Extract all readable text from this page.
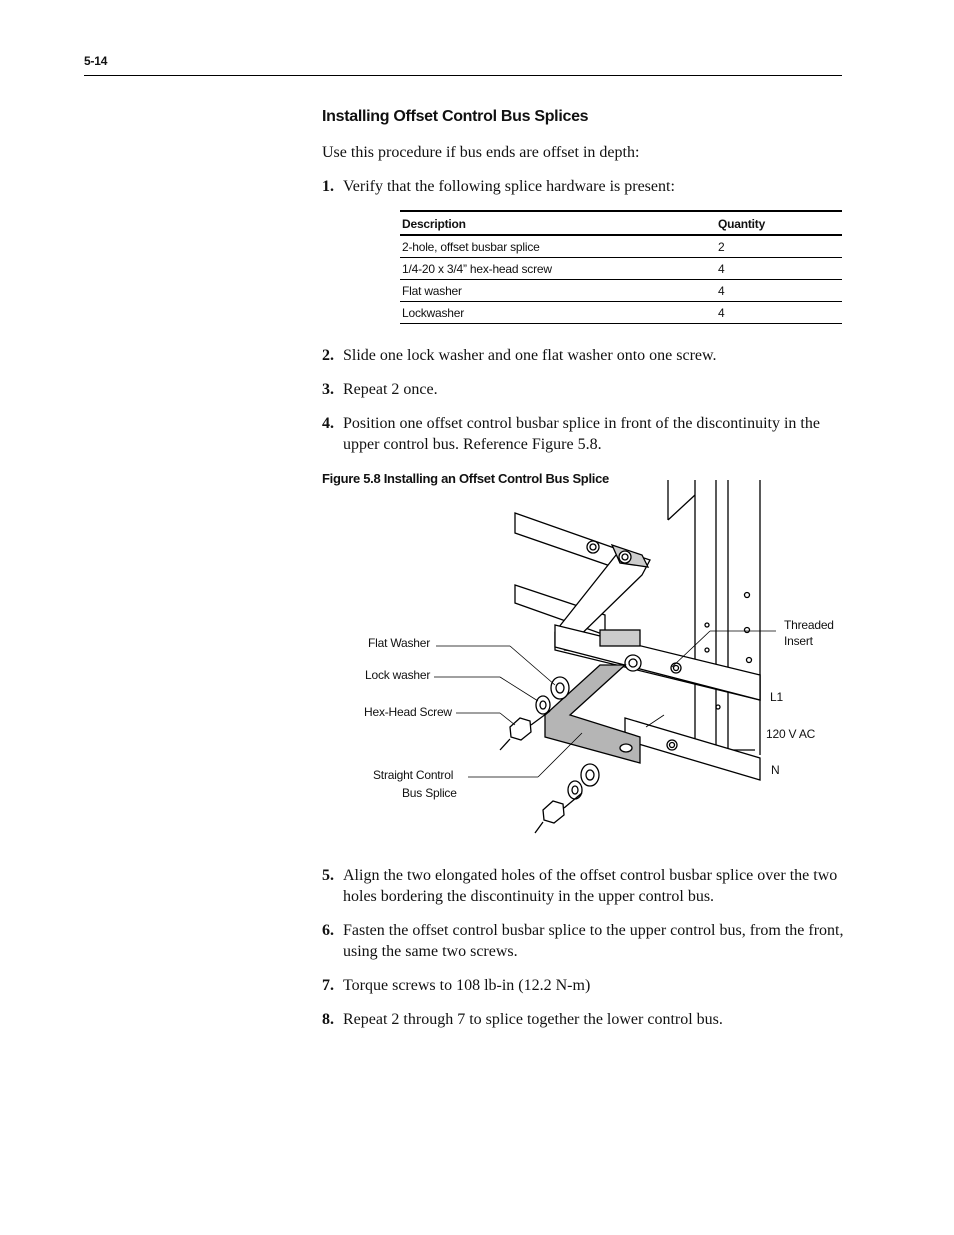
5-14
Installing Offset Control Bus Splices

Use this procedure if bus ends are offset in depth:

1. Verify that the following splice hardware is present:
Description	Quantity
2-hole, offset busbar splice	2
1/4-20 x 3/4” hex-head screw	4
Flat washer	4
Lockwasher	4
2. Slide one lock washer and one flat washer onto one screw.
3. Repeat 2 once.
4. Position one offset control busbar splice in front of the discontinuity in the upper control bus. Reference Figure 5.8.
Figure 5.8 Installing an Offset Control Bus Splice
Flat Washer
Lock washer
Hex-Head Screw
Straight Control
Bus Splice
Threaded
Insert
L1
120 V AC
N
5. Align the two elongated holes of the offset control busbar splice over the two holes bordering the discontinuity in the upper control bus.
6. Fasten the offset control busbar splice to the upper control bus, from the front, using the same two screws.
7. Torque screws to 108 lb-in (12.2 N-m)
8. Repeat 2 through 7 to splice together the lower control bus.
